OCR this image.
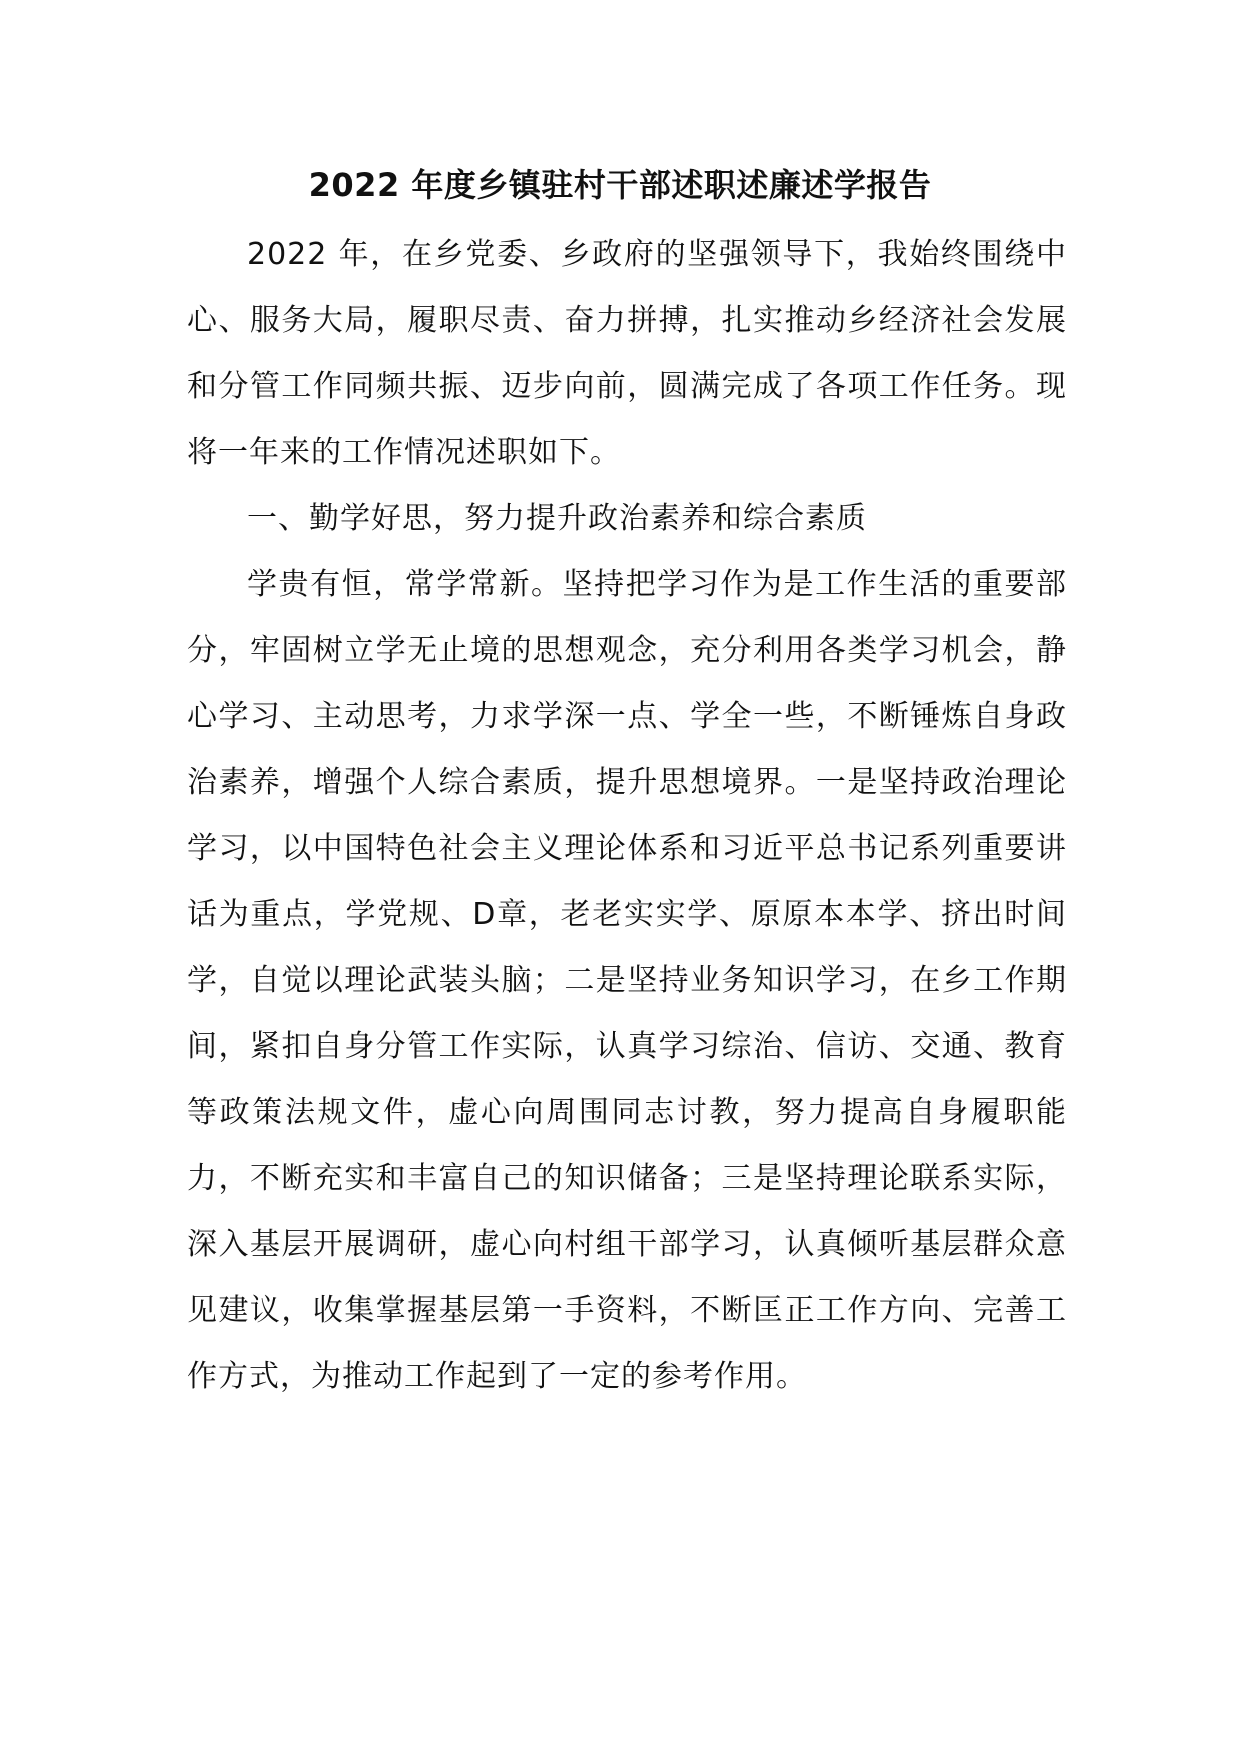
2022 年度乡镇驻村干部述职述廉述学报告

2022 年，在乡党委、乡政府的坚强领导下，我始终围绕中心、服务大局，履职尽责、奋力拼搏，扎实推动乡经济社会发展和分管工作同频共振、迈步向前，圆满完成了各项工作任务。现将一年来的工作情况述职如下。

一、勤学好思，努力提升政治素养和综合素质

学贵有恒，常学常新。坚持把学习作为是工作生活的重要部分，牢固树立学无止境的思想观念，充分利用各类学习机会，静心学习、主动思考，力求学深一点、学全一些，不断锤炼自身政治素养，增强个人综合素质，提升思想境界。一是坚持政治理论学习，以中国特色社会主义理论体系和习近平总书记系列重要讲话为重点，学党规、D章，老老实实学、原原本本学、挤出时间学，自觉以理论武装头脑；二是坚持业务知识学习，在乡工作期间，紧扣自身分管工作实际，认真学习综治、信访、交通、教育等政策法规文件，虚心向周围同志讨教，努力提高自身履职能力，不断充实和丰富自己的知识储备；三是坚持理论联系实际，深入基层开展调研，虚心向村组干部学习，认真倾听基层群众意见建议，收集掌握基层第一手资料，不断匡正工作方向、完善工作方式，为推动工作起到了一定的参考作用。
